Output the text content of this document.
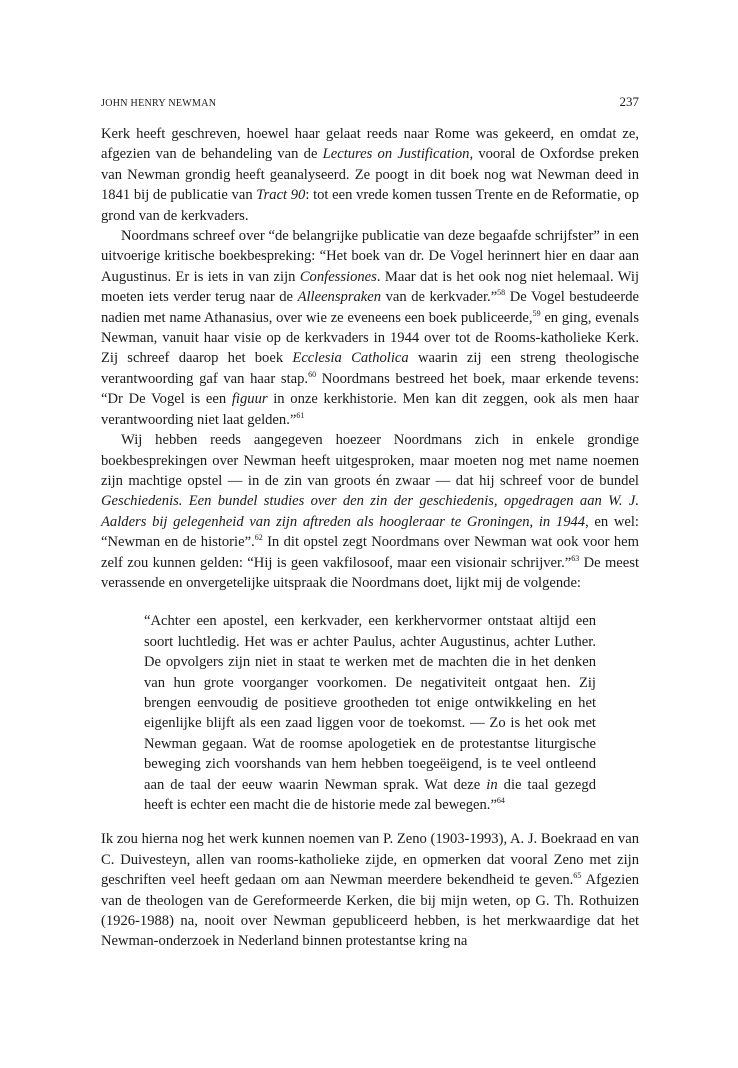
JOHN HENRY NEWMAN	237

Kerk heeft geschreven, hoewel haar gelaat reeds naar Rome was gekeerd, en omdat ze, afgezien van de behandeling van de Lectures on Justification, vooral de Oxfordse preken van Newman grondig heeft geanalyseerd. Ze poogt in dit boek nog wat Newman deed in 1841 bij de publicatie van Tract 90: tot een vrede komen tussen Trente en de Reformatie, op grond van de kerkvaders.

Noordmans schreef over “de belangrijke publicatie van deze begaafde schrijfster” in een uitvoerige kritische boekbespreking: “Het boek van dr. De Vogel herinnert hier en daar aan Augustinus. Er is iets in van zijn Confessiones. Maar dat is het ook nog niet helemaal. Wij moeten iets verder terug naar de Alleenspraken van de kerkvader.”$^{58}$ De Vogel bestudeerde nadien met name Athanasius, over wie ze eveneens een boek publiceerde,$^{59}$ en ging, evenals Newman, vanuit haar visie op de kerkvaders in 1944 over tot de Rooms-katholieke Kerk. Zij schreef daarop het boek Ecclesia Catholica waarin zij een streng theologische verantwoording gaf van haar stap.$^{60}$ Noordmans bestreed het boek, maar erkende tevens: “Dr De Vogel is een figuur in onze kerkhistorie. Men kan dit zeggen, ook als men haar verantwoording niet laat gelden.”$^{61}$

Wij hebben reeds aangegeven hoezeer Noordmans zich in enkele grondige boekbesprekingen over Newman heeft uitgesproken, maar moeten nog met name noemen zijn machtige opstel — in de zin van groots én zwaar — dat hij schreef voor de bundel Geschiedenis. Een bundel studies over den zin der geschiedenis, opgedragen aan W. J. Aalders bij gelegenheid van zijn aftreden als hoogleraar te Groningen, in 1944, en wel: “Newman en de historie”.$^{62}$ In dit opstel zegt Noordmans over Newman wat ook voor hem zelf zou kunnen gelden: “Hij is geen vakfilosoof, maar een visionair schrijver.”$^{63}$ De meest verassende en onvergetelijke uitspraak die Noordmans doet, lijkt mij de volgende:

“Achter een apostel, een kerkvader, een kerkhervormer ontstaat altijd een soort luchtledig. Het was er achter Paulus, achter Augustinus, achter Luther. De opvolgers zijn niet in staat te werken met de machten die in het denken van hun grote voorganger voorkomen. De negativiteit ontgaat hen. Zij brengen eenvoudig de positieve grootheden tot enige ontwikkeling en het eigenlijke blijft als een zaad liggen voor de toekomst. — Zo is het ook met Newman gegaan. Wat de roomse apologetiek en de protestantse liturgische beweging zich voorshands van hem hebben toegeëigend, is te veel ontleend aan de taal der eeuw waarin Newman sprak. Wat deze in die taal gezegd heeft is echter een macht die de historie mede zal bewegen.”$^{64}$

Ik zou hierna nog het werk kunnen noemen van P. Zeno (1903-1993), A. J. Boekraad en van C. Duivesteyn, allen van rooms-katholieke zijde, en opmerken dat vooral Zeno met zijn geschriften veel heeft gedaan om aan Newman meerdere bekendheid te geven.$^{65}$ Afgezien van de theologen van de Gereformeerde Kerken, die bij mijn weten, op G. Th. Rothuizen (1926-1988) na, nooit over Newman gepubliceerd hebben, is het merkwaardige dat het Newman-onderzoek in Nederland binnen protestantse kring na
